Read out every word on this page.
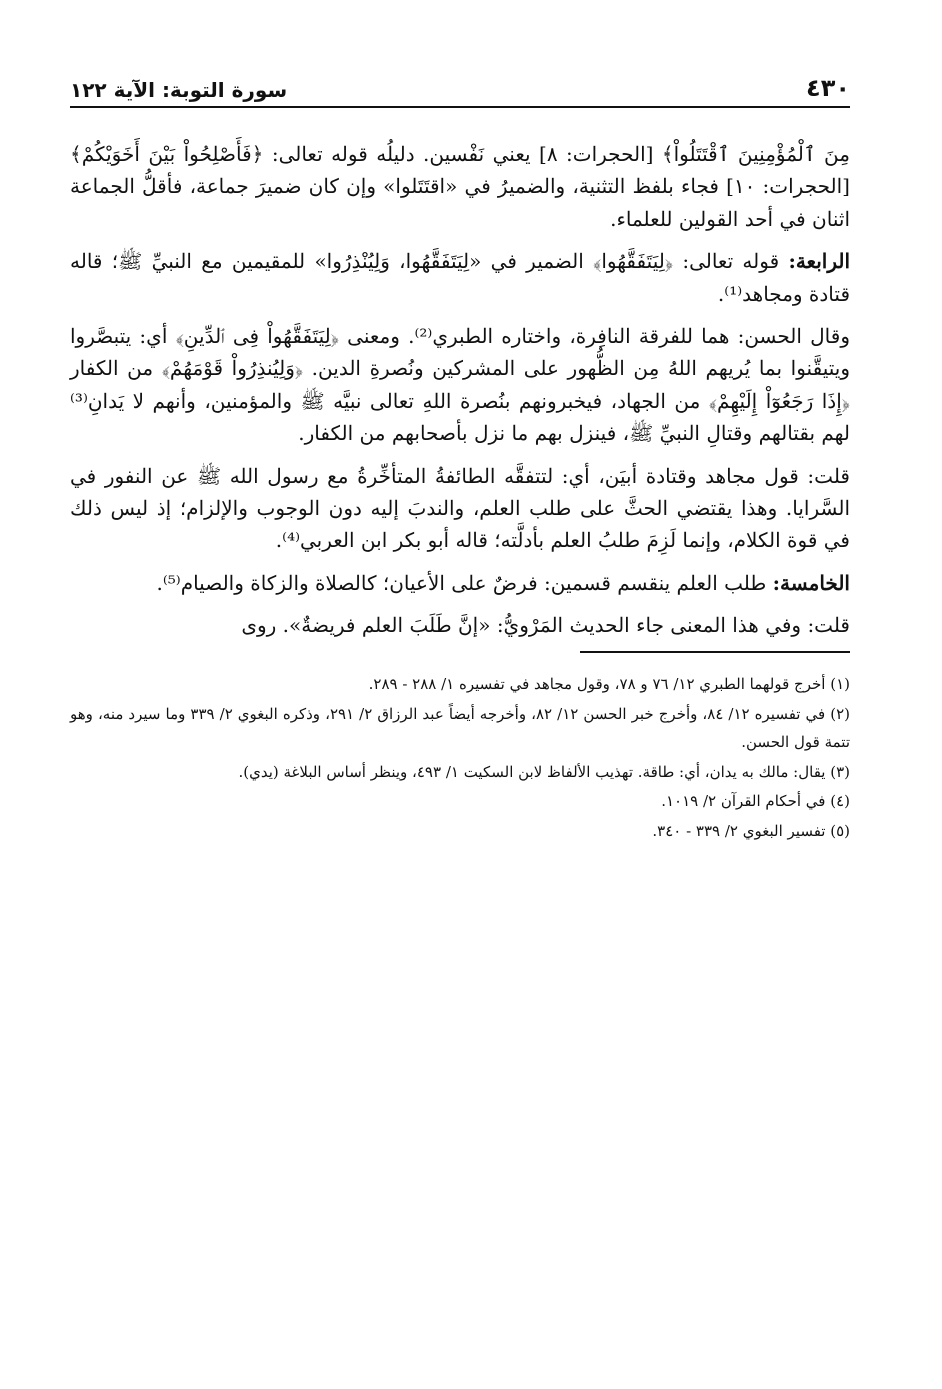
٤٣٠
سورة التوبة: الآية ١٢٢

مِنَ ٱلْمُؤْمِنِينَ ٱقْتَتَلُواْ﴾ [الحجرات: ٨] يعني نَفْسين. دليلُه قوله تعالى: ﴿فَأَصْلِحُواْ بَيْنَ أَخَوَيْكُمْ﴾ [الحجرات: ١٠] فجاء بلفظ التثنية، والضميرُ في «اقتَتَلوا» وإن كان ضميرَ جماعة، فأقلُّ الجماعة اثنان في أحد القولين للعلماء.

الرابعة: قوله تعالى: ﴿لِيَتَفَقَّهُوا﴾ الضمير في «لِيَتَفَقَّهُوا، وَلِيُنْذِرُوا» للمقيمين مع النبيِّ ﷺ؛ قاله قتادة ومجاهد⁽¹⁾.

وقال الحسن: هما للفرقة النافِرة، واختاره الطبري⁽²⁾. ومعنى ﴿لِيَتَفَقَّهُواْ فِى ٱلدِّينِ﴾ أي: يتبصَّروا ويتيقَّنوا بما يُريهم اللهُ مِن الظُّهور على المشركين ونُصرةِ الدين. ﴿وَلِيُنذِرُواْ قَوْمَهُمْ﴾ من الكفار ﴿إِذَا رَجَعُوٓاْ إِلَيْهِمْ﴾ من الجهاد، فيخبرونهم بنُصرة اللهِ تعالى نبيَّه ﷺ والمؤمنين، وأنهم لا يَدانِ⁽³⁾ لهم بقتالهم وقتالِ النبيِّ ﷺ، فينزل بهم ما نزل بأصحابهم من الكفار.

قلت: قول مجاهد وقتادة أبيَن، أي: لتتفقَّه الطائفةُ المتأخِّرةُ مع رسول الله ﷺ عن النفور في السَّرايا. وهذا يقتضي الحثَّ على طلب العلم، والندبَ إليه دون الوجوب والإلزام؛ إذ ليس ذلك في قوة الكلام، وإنما لَزِمَ طلبُ العلم بأدلَّته؛ قاله أبو بكر ابن العربي⁽⁴⁾.

الخامسة: طلب العلم ينقسم قسمين: فرضٌ على الأعيان؛ كالصلاة والزكاة والصيام⁽⁵⁾.

قلت: وفي هذا المعنى جاء الحديث المَرْويُّ: «إنَّ طَلَبَ العلم فريضةٌ». روى

(١) أخرج قولهما الطبري ١٢/ ٧٦ و ٧٨، وقول مجاهد في تفسيره ١/ ٢٨٨ - ٢٨٩.

(٢) في تفسيره ١٢/ ٨٤، وأخرج خبر الحسن ١٢/ ٨٢، وأخرجه أيضاً عبد الرزاق ٢/ ٢٩١، وذكره البغوي ٢/ ٣٣٩ وما سيرد منه، وهو تتمة قول الحسن.

(٣) يقال: مالك به يدان، أي: طاقة. تهذيب الألفاظ لابن السكيت ١/ ٤٩٣، وينظر أساس البلاغة (يدي).

(٤) في أحكام القرآن ٢/ ١٠١٩.

(٥) تفسير البغوي ٢/ ٣٣٩ - ٣٤٠.
